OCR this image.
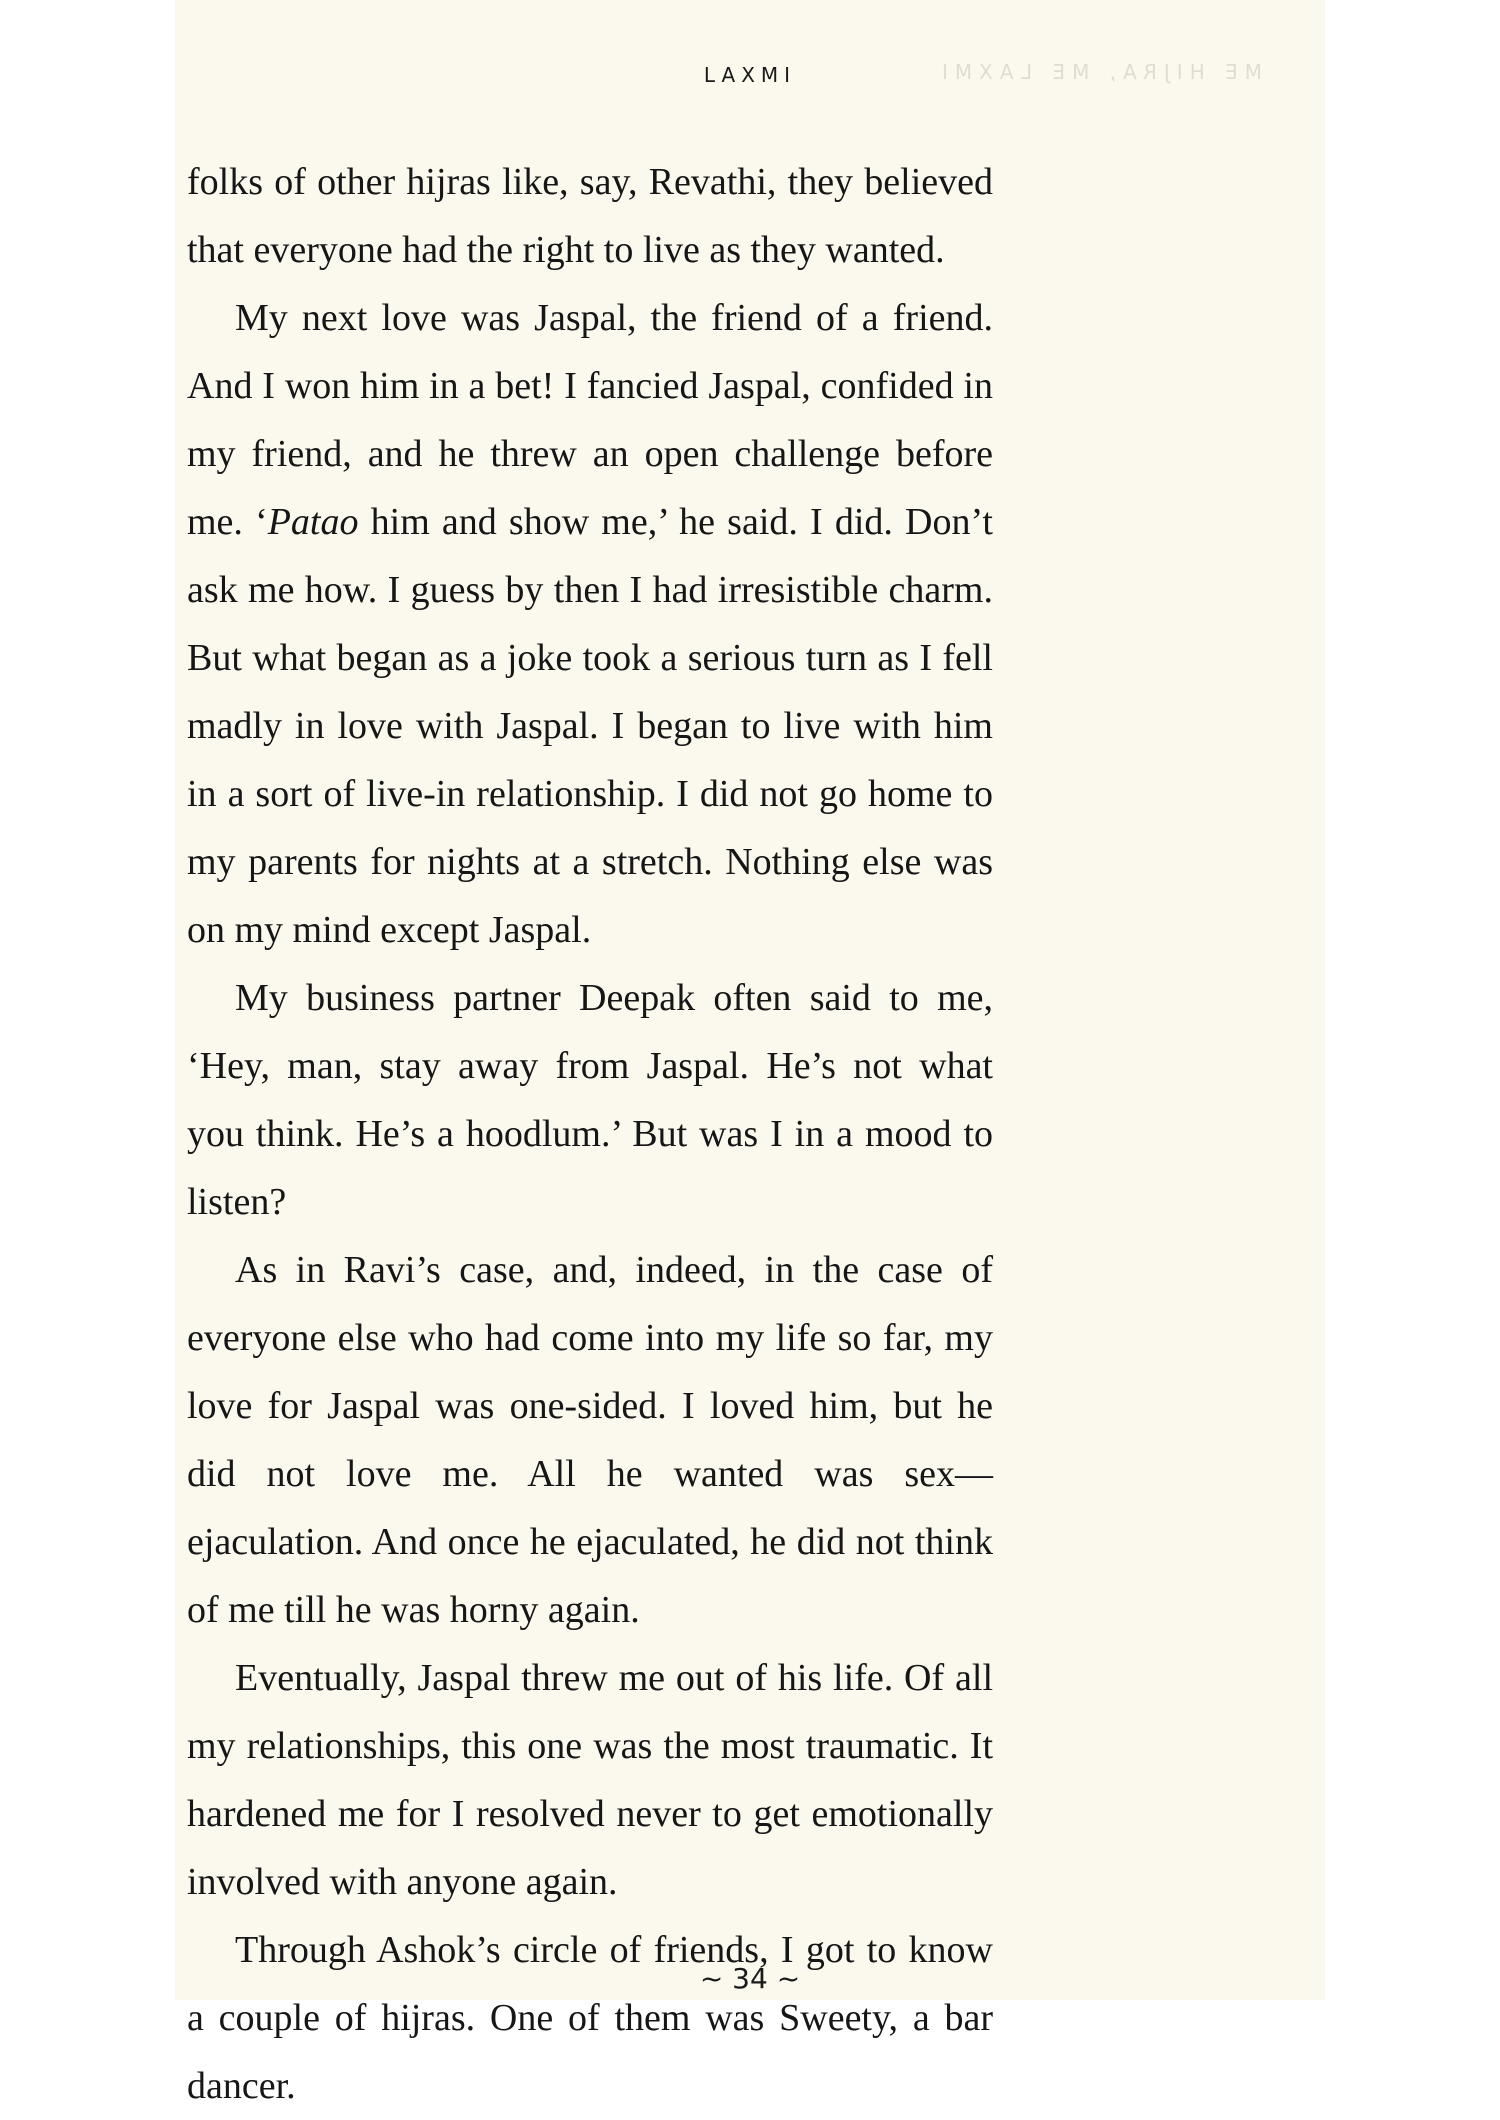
ME HIJRA, ME LAXMI
LAXMI

folks of other hijras like, say, Revathi, they believed that everyone had the right to live as they wanted.

My next love was Jaspal, the friend of a friend. And I won him in a bet! I fancied Jaspal, confided in my friend, and he threw an open challenge before me. ‘Patao him and show me,’ he said. I did. Don’t ask me how. I guess by then I had irresistible charm. But what began as a joke took a serious turn as I fell madly in love with Jaspal. I began to live with him in a sort of live-in relationship. I did not go home to my parents for nights at a stretch. Nothing else was on my mind except Jaspal.

My business partner Deepak often said to me, ‘Hey, man, stay away from Jaspal. He’s not what you think. He’s a hoodlum.’ But was I in a mood to listen?

As in Ravi’s case, and, indeed, in the case of everyone else who had come into my life so far, my love for Jaspal was one-sided. I loved him, but he did not love me. All he wanted was sex—ejaculation. And once he ejaculated, he did not think of me till he was horny again.

Eventually, Jaspal threw me out of his life. Of all my relationships, this one was the most traumatic. It hardened me for I resolved never to get emotionally involved with anyone again.

Through Ashok’s circle of friends, I got to know a couple of hijras. One of them was Sweety, a bar dancer.

~ 34 ~
